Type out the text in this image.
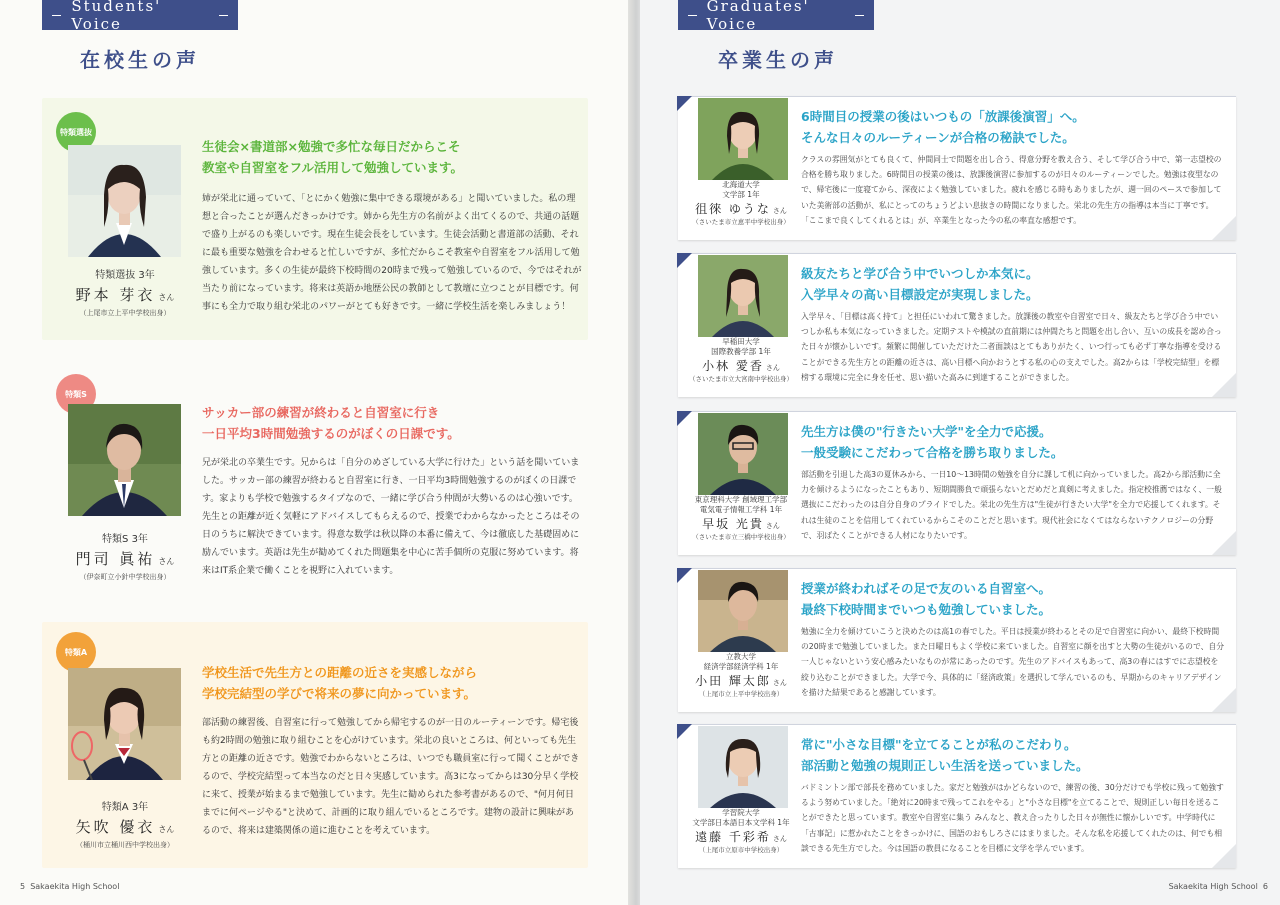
Students' Voice
在校生の声
特類選抜
特類選抜 3年
野本 芽衣 さん
（上尾市立上平中学校出身）
生徒会×書道部×勉強で多忙な毎日だからこそ
教室や自習室をフル活用して勉強しています。
姉が栄北に通っていて、「とにかく勉強に集中できる環境がある」と聞いていました。私の理想と合ったことが選んだきっかけです。姉から先生方の名前がよく出てくるので、共通の話題で盛り上がるのも楽しいです。現在生徒会長をしています。生徒会活動と書道部の活動、それに最も重要な勉強を合わせると忙しいですが、多忙だからこそ教室や自習室をフル活用して勉強しています。多くの生徒が最終下校時間の20時まで残って勉強しているので、今ではそれが当たり前になっています。将来は英語か地歴公民の教師として教壇に立つことが目標です。何事にも全力で取り組む栄北のパワーがとても好きです。一緒に学校生活を楽しみましょう！
特類S
特類S 3年
門司 眞祐 さん
（伊奈町立小針中学校出身）
サッカー部の練習が終わると自習室に行き
一日平均3時間勉強するのがぼくの日課です。
兄が栄北の卒業生です。兄からは「自分のめざしている大学に行けた」という話を聞いていました。サッカー部の練習が終わると自習室に行き、一日平均3時間勉強するのがぼくの日課です。家よりも学校で勉強するタイプなので、一緒に学び合う仲間が大勢いるのは心強いです。先生との距離が近く気軽にアドバイスしてもらえるので、授業でわからなかったところはその日のうちに解決できています。得意な数学は秋以降の本番に備えて、今は徹底した基礎固めに励んでいます。英語は先生が勧めてくれた問題集を中心に苦手個所の克服に努めています。将来はIT系企業で働くことを視野に入れています。
特類A
特類A 3年
矢吹 優衣 さん
（桶川市立桶川西中学校出身）
学校生活で先生方との距離の近さを実感しながら
学校完結型の学びで将来の夢に向かっています。
部活動の練習後、自習室に行って勉強してから帰宅するのが一日のルーティーンです。帰宅後も約2時間の勉強に取り組むことを心がけています。栄北の良いところは、何といっても先生方との距離の近さです。勉強でわからないところは、いつでも職員室に行って聞くことができるので、学校完結型って本当なのだと日々実感しています。高3になってからは30分早く学校に来て、授業が始まるまで勉強しています。先生に勧められた参考書があるので、"何月何日までに何ページやる"と決めて、計画的に取り組んでいるところです。建物の設計に興味があるので、将来は建築関係の道に進むことを考えています。
5 Sakaekita High School
Graduates' Voice
卒業生の声
Sakaekita High School 6
北海道大学
文学部 1年
徂徠 ゆうな さん
（さいたま市立恵平中学校出身）
6時間目の授業の後はいつもの「放課後演習」へ。
そんな日々のルーティーンが合格の秘訣でした。
クラスの雰囲気がとても良くて、仲間同士で問題を出し合う、得意分野を教え合う、そして学び合う中で、第一志望校の合格を勝ち取りました。6時間目の授業の後は、放課後演習に参加するのが日々のルーティーンでした。勉強は夜型なので、帰宅後に一度寝てから、深夜によく勉強していました。疲れを感じる時もありましたが、週一回のペースで参加していた美術部の活動が、私にとってのちょうどよい息抜きの時間になりました。栄北の先生方の指導は本当に丁寧です。「ここまで良くしてくれるとは」が、卒業生となった今の私の率直な感想です。
早稲田大学
国際教養学部 1年
小林 愛香 さん
（さいたま市立大宮南中学校出身）
級友たちと学び合う中でいつしか本気に。
入学早々の高い目標設定が実現しました。
入学早々、「目標は高く持て」と担任にいわれて驚きました。放課後の教室や自習室で日々、級友たちと学び合う中でいつしか私も本気になっていきました。定期テストや模試の直前期には仲間たちと問題を出し合い、互いの成長を認め合った日々が懐かしいです。頻繁に開催していただけた二者面談はとてもありがたく、いつ行っても必ず丁寧な指導を受けることができる先生方との距離の近さは、高い目標へ向かおうとする私の心の支えでした。高2からは「学校完結型」を標榜する環境に完全に身を任せ、思い描いた高みに到達することができました。
東京理科大学 創域理工学部
電気電子情報工学科 1年
早坂 光貴 さん
（さいたま市立三橋中学校出身）
先生方は僕の"行きたい大学"を全力で応援。
一般受験にこだわって合格を勝ち取りました。
部活動を引退した高3の夏休みから、一日10〜13時間の勉強を自分に課して机に向かっていました。高2から部活動に全力を傾けるようになったこともあり、短期間勝負で頑張らないとだめだと真剣に考えました。指定校推薦ではなく、一般選抜にこだわったのは自分自身のプライドでした。栄北の先生方は"生徒が行きたい大学"を全力で応援してくれます。それは生徒のことを信用してくれているからこそのことだと思います。現代社会になくてはならないテクノロジーの分野で、羽ばたくことができる人材になりたいです。
立教大学
経済学部経済学科 1年
小田 輝太郎 さん
（上尾市立上平中学校出身）
授業が終わればその足で友のいる自習室へ。
最終下校時間までいつも勉強していました。
勉強に全力を傾けていこうと決めたのは高1の春でした。平日は授業が終わるとその足で自習室に向かい、最終下校時間の20時まで勉強していました。また日曜日もよく学校に来ていました。自習室に顔を出すと大勢の生徒がいるので、自分一人じゃないという安心感みたいなものが常にあったのです。先生のアドバイスもあって、高3の春にはすでに志望校を絞り込むことができました。大学で今、具体的に「経済政策」を選択して学んでいるのも、早期からのキャリアデザインを描けた結果であると感謝しています。
学習院大学
文学部日本語日本文学科 1年
遠藤 千彩希 さん
（上尾市立原市中学校出身）
常に"小さな目標"を立てることが私のこだわり。
部活動と勉強の規則正しい生活を送っていました。
バドミントン部で部長を務めていました。家だと勉強がはかどらないので、練習の後、30分だけでも学校に残って勉強するよう努めていました。「絶対に20時まで残ってこれをやる」と"小さな目標"を立てることで、規則正しい毎日を送ることができたと思っています。教室や自習室に集う みんなと、教え合ったりした日々が無性に懐かしいです。中学時代に「古事記」に惹かれたことをきっかけに、国語のおもしろさにはまりました。そんな私を応援してくれたのは、何でも相談できる先生方でした。今は国語の教員になることを目標に文学を学んでいます。
